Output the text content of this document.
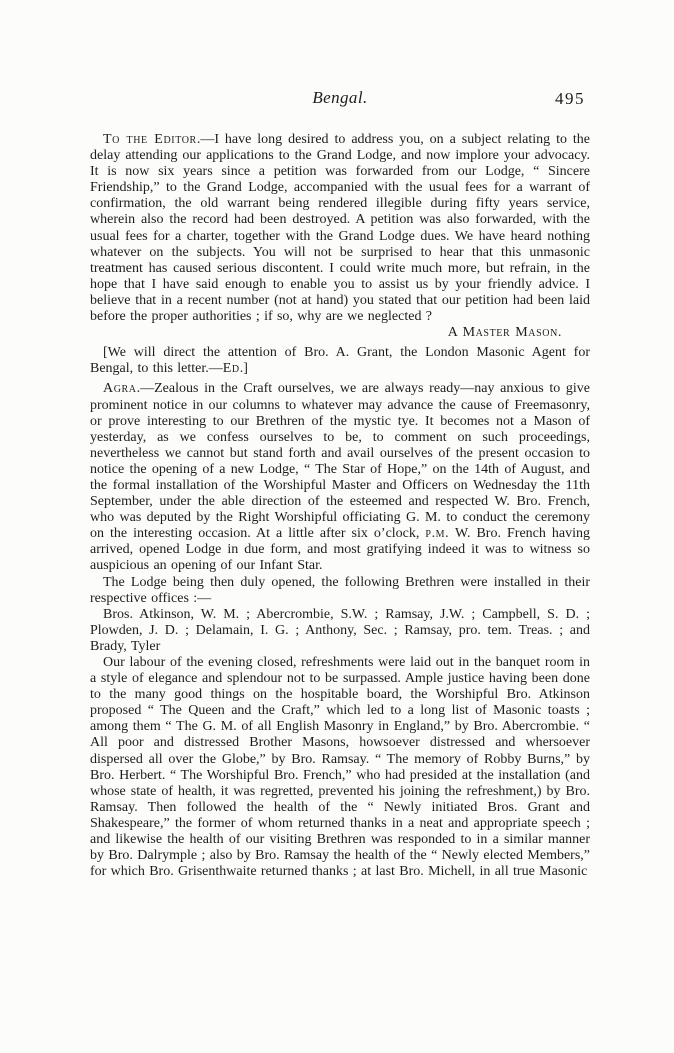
Bengal.	495

To the Editor.—I have long desired to address you, on a subject relating to the delay attending our applications to the Grand Lodge, and now implore your advocacy. It is now six years since a petition was forwarded from our Lodge, “ Sincere Friendship,” to the Grand Lodge, accompanied with the usual fees for a warrant of confirmation, the old warrant being rendered illegible during fifty years service, wherein also the record had been destroyed. A petition was also forwarded, with the usual fees for a charter, together with the Grand Lodge dues. We have heard nothing whatever on the subjects. You will not be surprised to hear that this unmasonic treatment has caused serious discontent. I could write much more, but refrain, in the hope that I have said enough to enable you to assist us by your friendly advice. I believe that in a recent number (not at hand) you stated that our petition had been laid before the proper authorities ; if so, why are we neglected ?

A Master Mason.

[We will direct the attention of Bro. A. Grant, the London Masonic Agent for Bengal, to this letter.—Ed.]

Agra.—Zealous in the Craft ourselves, we are always ready—nay anxious to give prominent notice in our columns to whatever may advance the cause of Freemasonry, or prove interesting to our Brethren of the mystic tye. It becomes not a Mason of yesterday, as we confess ourselves to be, to comment on such proceedings, nevertheless we cannot but stand forth and avail ourselves of the present occasion to notice the opening of a new Lodge, “ The Star of Hope,” on the 14th of August, and the formal installation of the Worshipful Master and Officers on Wednesday the 11th September, under the able direction of the esteemed and respected W. Bro. French, who was deputed by the Right Worshipful officiating G. M. to conduct the ceremony on the interesting occasion. At a little after six o’clock, p.m. W. Bro. French having arrived, opened Lodge in due form, and most gratifying indeed it was to witness so auspicious an opening of our Infant Star.

The Lodge being then duly opened, the following Brethren were installed in their respective offices :—

Bros. Atkinson, W. M. ; Abercrombie, S.W. ; Ramsay, J.W. ; Campbell, S. D. ; Plowden, J. D. ; Delamain, I. G. ; Anthony, Sec. ; Ramsay, pro. tem. Treas. ; and Brady, Tyler

Our labour of the evening closed, refreshments were laid out in the banquet room in a style of elegance and splendour not to be surpassed. Ample justice having been done to the many good things on the hospitable board, the Worshipful Bro. Atkinson proposed “ The Queen and the Craft,” which led to a long list of Masonic toasts ; among them “ The G. M. of all English Masonry in England,” by Bro. Abercrombie. “ All poor and distressed Brother Masons, howsoever distressed and whersoever dispersed all over the Globe,” by Bro. Ramsay. “ The memory of Robby Burns,” by Bro. Herbert. “ The Worshipful Bro. French,” who had presided at the installation (and whose state of health, it was regretted, prevented his joining the refreshment,) by Bro. Ramsay. Then followed the health of the “ Newly initiated Bros. Grant and Shakespeare,” the former of whom returned thanks in a neat and appropriate speech ; and likewise the health of our visiting Brethren was responded to in a similar manner by Bro. Dalrymple ; also by Bro. Ramsay the health of the “ Newly elected Members,” for which Bro. Grisenthwaite returned thanks ; at last Bro. Michell, in all true Masonic
